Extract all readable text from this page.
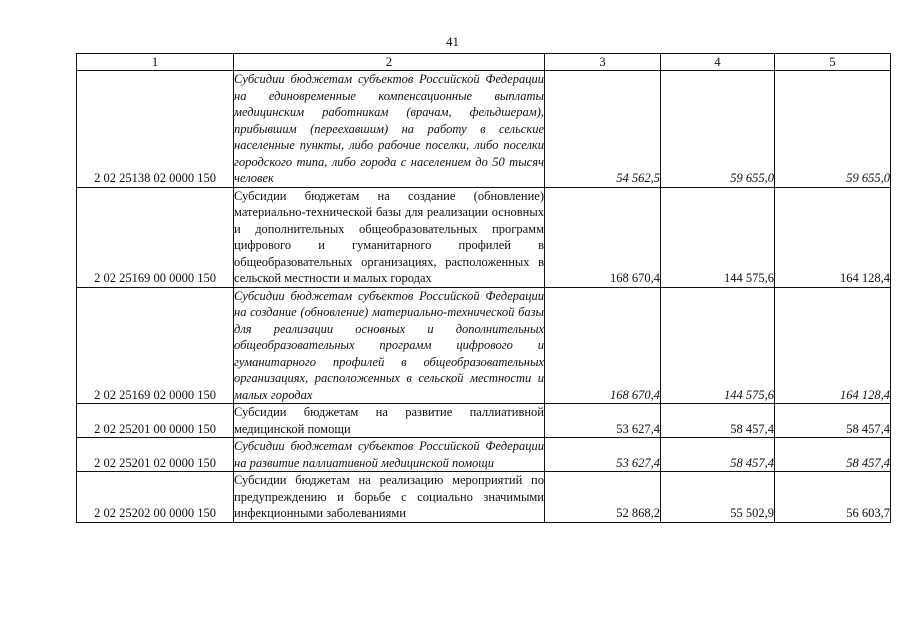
41
1	2	3	4	5
2 02 25138 02 0000 150	Субсидии бюджетам субъектов Российской Федерации на единовременные компенсационные выплаты медицинским работникам (врачам, фельдшерам), прибывшим (переехавшим) на работу в сельские населенные пункты, либо рабочие поселки, либо поселки городского типа, либо города с населением до 50 тысяч человек	54 562,5	59 655,0	59 655,0
2 02 25169 00 0000 150	Субсидии бюджетам на создание (обновление) материально-технической базы для реализации основных и дополнительных общеобразовательных программ цифрового и гуманитарного профилей в общеобразовательных организациях, расположенных в сельской местности и малых городах	168 670,4	144 575,6	164 128,4
2 02 25169 02 0000 150	Субсидии бюджетам субъектов Российской Федерации на создание (обновление) материально-технической базы для реализации основных и дополнительных общеобразовательных программ цифрового и гуманитарного профилей в общеобразовательных организациях, расположенных в сельской местности и малых городах	168 670,4	144 575,6	164 128,4
2 02 25201 00 0000 150	Субсидии бюджетам на развитие паллиативной медицинской помощи	53 627,4	58 457,4	58 457,4
2 02 25201 02 0000 150	Субсидии бюджетам субъектов Российской Федерации на развитие паллиативной медицинской помощи	53 627,4	58 457,4	58 457,4
2 02 25202 00 0000 150	Субсидии бюджетам на реализацию мероприятий по предупреждению и борьбе с социально значимыми инфекционными заболеваниями	52 868,2	55 502,9	56 603,7
